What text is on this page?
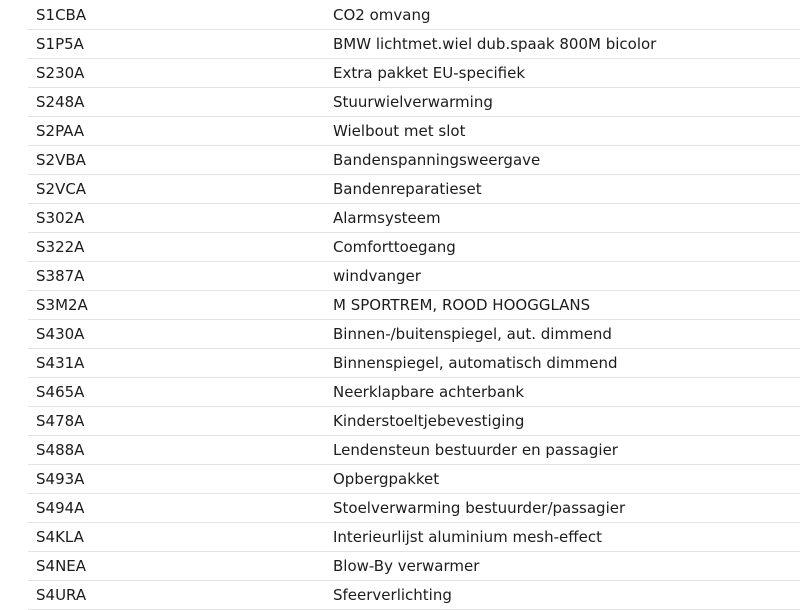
S1CBA	CO2 omvang
S1P5A	BMW lichtmet.wiel dub.spaak 800M bicolor
S230A	Extra pakket EU-specifiek
S248A	Stuurwielverwarming
S2PAA	Wielbout met slot
S2VBA	Bandenspanningsweergave
S2VCA	Bandenreparatieset
S302A	Alarmsysteem
S322A	Comforttoegang
S387A	windvanger
S3M2A	M SPORTREM, ROOD HOOGGLANS
S430A	Binnen-/buitenspiegel, aut. dimmend
S431A	Binnenspiegel, automatisch dimmend
S465A	Neerklapbare achterbank
S478A	Kinderstoeltjebevestiging
S488A	Lendensteun bestuurder en passagier
S493A	Opbergpakket
S494A	Stoelverwarming bestuurder/passagier
S4KLA	Interieurlijst aluminium mesh-effect
S4NEA	Blow-By verwarmer
S4URA	Sfeerverlichting
